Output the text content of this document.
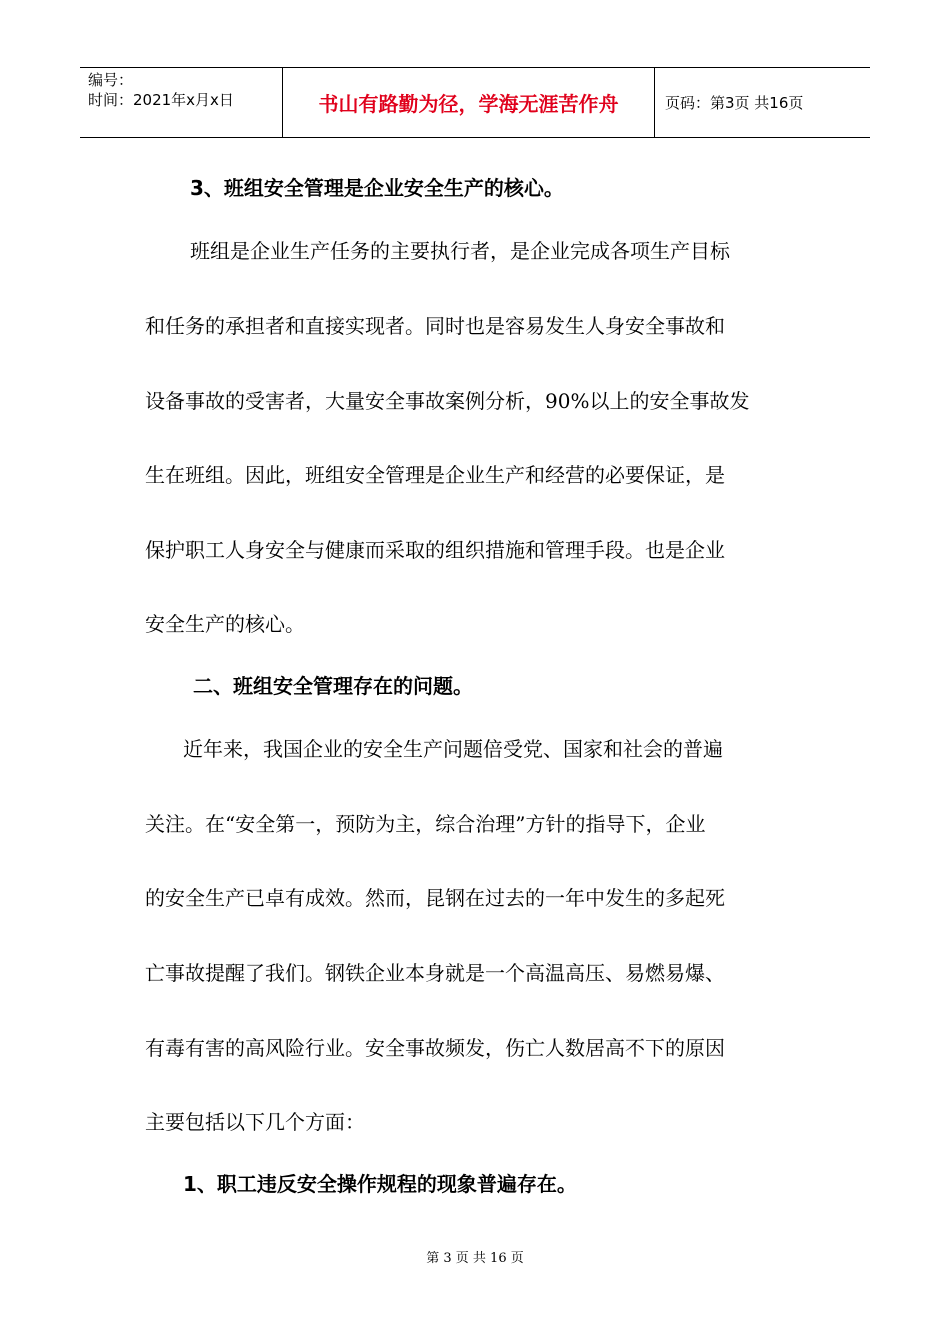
编号：
时间：2021年x月x日	书山有路勤为径，学海无涯苦作舟	页码：第3页 共16页
3、班组安全管理是企业安全生产的核心。
班组是企业生产任务的主要执行者，是企业完成各项生产目标
和任务的承担者和直接实现者。同时也是容易发生人身安全事故和
设备事故的受害者，大量安全事故案例分析，90%以上的安全事故发
生在班组。因此，班组安全管理是企业生产和经营的必要保证，是
保护职工人身安全与健康而采取的组织措施和管理手段。也是企业
安全生产的核心。
二、班组安全管理存在的问题。
近年来，我国企业的安全生产问题倍受党、国家和社会的普遍
关注。在“安全第一，预防为主，综合治理”方针的指导下，企业
的安全生产已卓有成效。然而，昆钢在过去的一年中发生的多起死
亡事故提醒了我们。钢铁企业本身就是一个高温高压、易燃易爆、
有毒有害的高风险行业。安全事故频发，伤亡人数居高不下的原因
主要包括以下几个方面：
1、职工违反安全操作规程的现象普遍存在。
第 3 页 共 16 页
